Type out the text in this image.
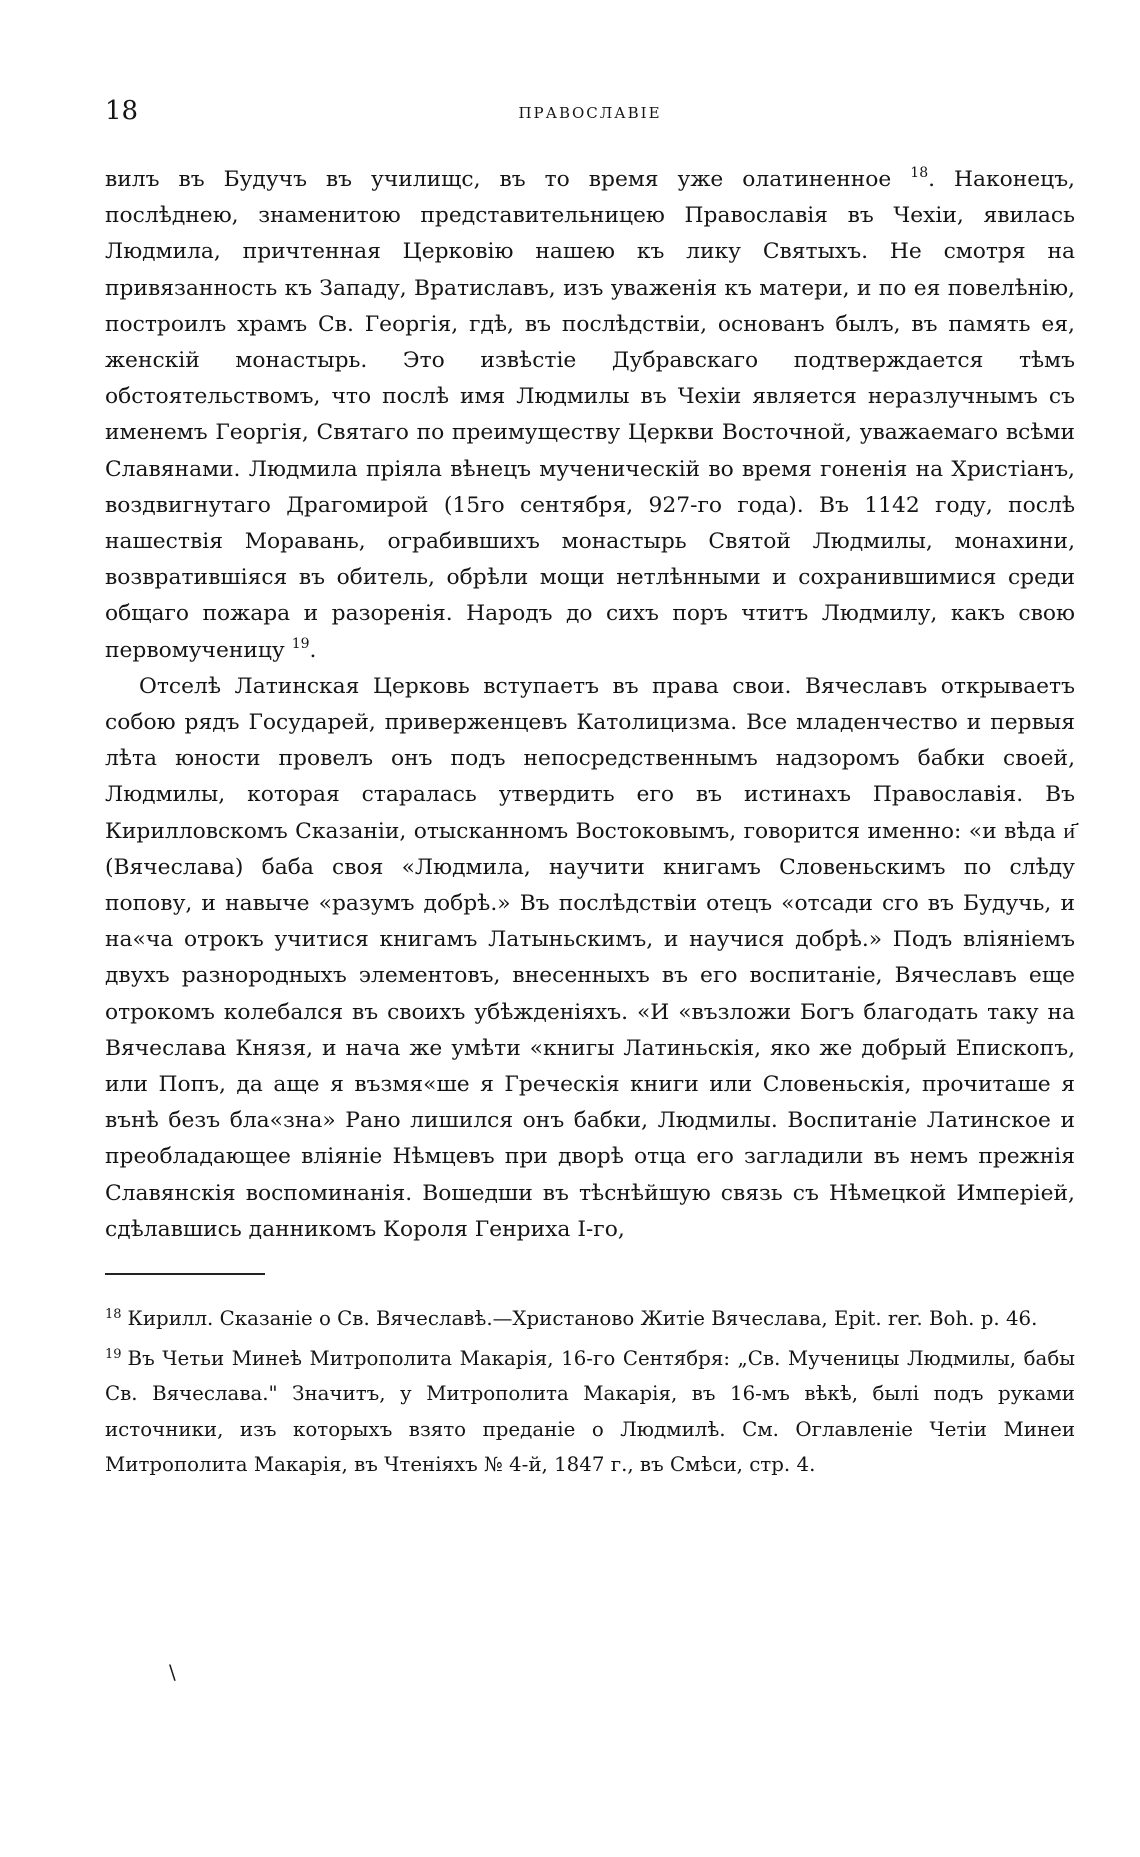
18	ПРАВОСЛАВІЕ

вилъ въ Будучъ въ училищс, въ то время уже олатиненное $^{18}$. Наконецъ, послѣднею, знаменитою представительницею Православія въ Чехіи, явилась Людмила, причтенная Церковію нашею къ лику Святыхъ. Не смотря на привязанность къ Западу, Вратиславъ, изъ уваженія къ матери, и по ея повелѣнію, построилъ храмъ Св. Георгія, гдѣ, въ послѣдствіи, основанъ былъ, въ память ея, женскій монастырь. Это извѣстіе Дубравскаго подтверждается тѣмъ обстоятельствомъ, что послѣ имя Людмилы въ Чехіи является неразлучнымъ съ именемъ Георгія, Святаго по преимуществу Церкви Восточной, уважаемаго всѣми Славянами. Людмила пріяла вѣнецъ мученическій во время гоненія на Христіанъ, воздвигнутаго Драгомирой (15го сентября, 927-го года). Въ 1142 году, послѣ нашествія Моравань, ограбившихъ монастырь Святой Людмилы, монахини, возвратившіяся въ обитель, обрѣли мощи нетлѣнными и сохранившимися среди общаго пожара и разоренія. Народъ до сихъ поръ чтитъ Людмилу, какъ свою первомученицу $^{19}$.

Отселѣ Латинская Церковь вступаетъ въ права свои. Вячеславъ открываетъ собою рядъ Государей, приверженцевъ Католицизма. Все младенчество и первыя лѣта юности провелъ онъ подъ непосредственнымъ надзоромъ бабки своей, Людмилы, которая старалась утвердить его въ истинахъ Православія. Въ Кирилловскомъ Сказаніи, отысканномъ Востоковымъ, говорится именно: «и вѣда и҃ (Вячеслава) баба своя «Людмила, научити книгамъ Словеньскимъ по слѣду попову, и навыче «разумъ добрѣ.» Въ послѣдствіи отецъ «отсади сго въ Будучь, и на«ча отрокъ учитися книгамъ Латыньскимъ, и научися добрѣ.» Подъ вліяніемъ двухъ разнородныхъ элементовъ, внесенныхъ въ его воспитаніе, Вячеславъ еще отрокомъ колебался въ своихъ убѣжденіяхъ. «И «възложи Богъ благодать таку на Вячеслава Князя, и нача же умѣти «книгы Латиньскія, яко же добрый Епископъ, или Попъ, да аще я възмя«ше я Греческія книги или Словеньскія, прочиташе я вънѣ безъ бла«зна» Рано лишился онъ бабки, Людмилы. Воспитаніе Латинское и преобладающее вліяніе Нѣмцевъ при дворѣ отца его загладили въ немъ прежнія Славянскія воспоминанія. Вошедши въ тѣснѣйшую связь съ Нѣмецкой Имперіей, сдѣлавшись данникомъ Короля Генриха I-го,

$^{18}$ Кирилл. Сказаніе о Св. Вячеславѣ.—Христаново Житіе Вячеслава, Epit. rer. Boh. p. 46.

$^{19}$ Въ Четьи Минеѣ Митрополита Макарія, 16-го Сентября: „Св. Мученицы Людмилы, бабы Св. Вячеслава." Значитъ, у Митрополита Макарія, въ 16-мъ вѣкѣ, былі подъ руками источники, изъ которыхъ взято преданіе о Людмилѣ. См. Оглавленіе Четіи Минеи Митрополита Макарія, въ Чтеніяхъ № 4-й, 1847 г., въ Смѣси, стр. 4.

\
